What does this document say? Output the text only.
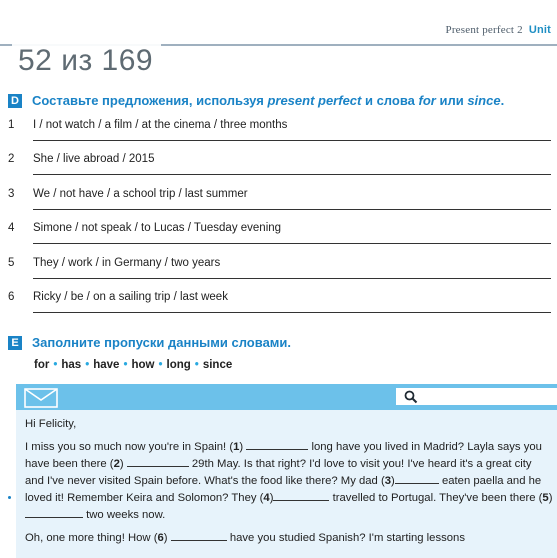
Present perfect 2 Unit
D Составьте предложения, используя present perfect и слова for или since.
52 из 169
1 I / not watch / a film / at the cinema / three months
2 She / live abroad / 2015
3 We / not have / a school trip / last summer
4 Simone / not speak / to Lucas / Tuesday evening
5 They / work / in Germany / two years
6 Ricky / be / on a sailing trip / last week
E Заполните пропуски данными словами.
for • has • have • how • long • since

Hi Felicity,

I miss you so much now you're in Spain! (1)	long have you lived in Madrid? Layla says you have been there (2)	29th May. Is that right? I'd love to visit you! I've heard it's a great city and I've never visited Spain before. What's the food like there? My dad (3)	eaten paella and he loved it! Remember Keira and Solomon? They (4)	travelled to Portugal. They've been there (5) two weeks now.

Oh, one more thing! How (6)	have you studied Spanish? I'm starting lessons
